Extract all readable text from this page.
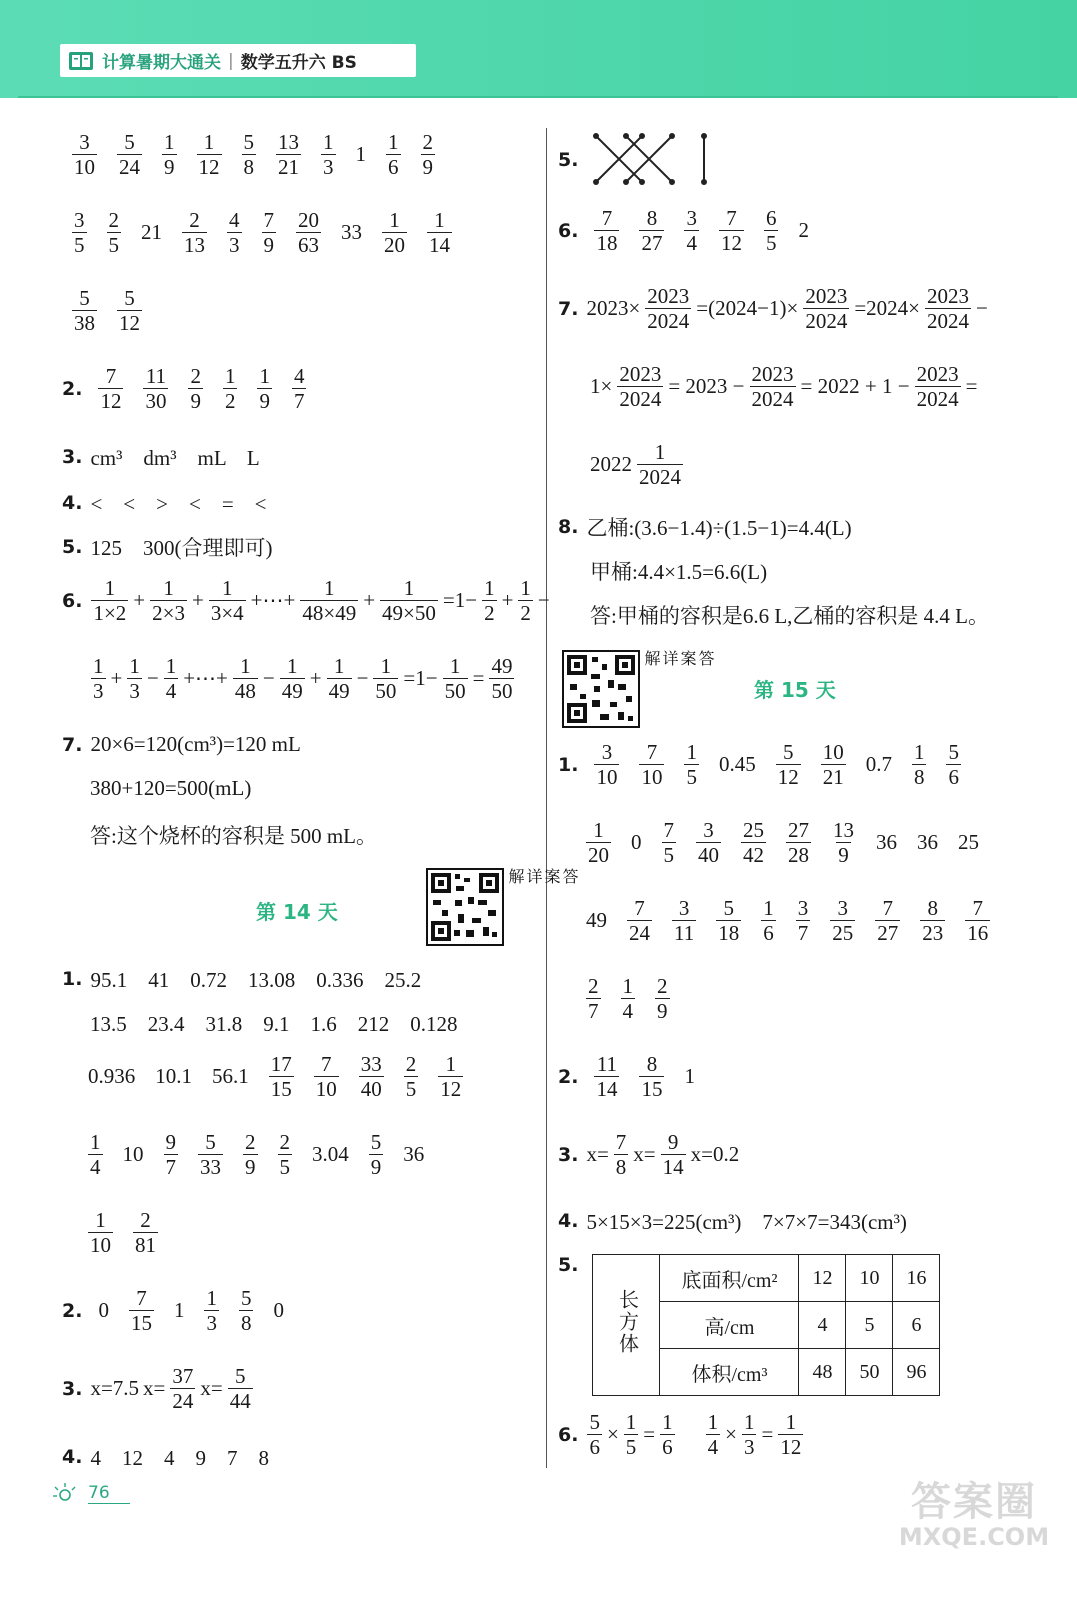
计算暑期大通关 | 数学五升六 BS
$\frac{3}{10} \frac{5}{24} \frac{1}{9} \frac{1}{12} \frac{5}{8} \frac{13}{21} \frac{1}{3} 1 \frac{1}{6} \frac{2}{9}$
$\frac{3}{5} \frac{2}{5} 21 \frac{2}{13} \frac{4}{3} \frac{7}{9} \frac{20}{63} 33 \frac{1}{20} \frac{1}{14}$
$\frac{5}{38} \frac{5}{12}$
2. $\frac{7}{12} \frac{11}{30} \frac{2}{9} \frac{1}{2} \frac{1}{9} \frac{4}{7}$
3. cm³　dm³　mL　L
4. <　<　>　<　=　<
5. 125　300(合理即可)
6. $\frac{1}{1\times 2} + \frac{1}{2\times 3} + \frac{1}{3\times 4}$ +⋯+ $\frac{1}{48\times 49} + \frac{1}{49\times 50} =1- \frac{1}{2} + \frac{1}{2}$ −
$\frac{1}{3} + \frac{1}{3} - \frac{1}{4}$ +⋯+ $\frac{1}{48} - \frac{1}{49} + \frac{1}{49} - \frac{1}{50} =1- \frac{1}{50} = \frac{49}{50}$
7. 20×6=120(cm³)=120 mL
380+120=500(mL)
答:这个烧杯的容积是 500 mL。
第 14 天
答案详解
1. 95.1　41　0.72　13.08　0.336　25.2
13.5　23.4　31.8　9.1　1.6　212　0.128
0.936 10.1 $56.1 \frac{17}{15} \frac{7}{10} \frac{33}{40} \frac{2}{5} \frac{1}{12}$
$\frac{1}{4} 10 \frac{9}{7} \frac{5}{33} \frac{2}{9} \frac{2}{5} 3.04 \frac{5}{9} 36$
$\frac{1}{10} \frac{2}{81}$
2. $0 \frac{7}{15} 1 \frac{1}{3} \frac{5}{8} 0$
3. x=7.5 $x= \frac{37}{24} x= \frac{5}{44}$
4. 4　12　4　9　7　8
5.
6. $\frac{7}{18} \frac{8}{27} \frac{3}{4} \frac{7}{12} \frac{6}{5} 2$
7. $2023\times \frac{2023}{2024} =(2024-1)\times \frac{2023}{2024} =2024\times \frac{2023}{2024}$ −
$1\times \frac{2023}{2024} = 2023 - \frac{2023}{2024} = 2022 + 1 - \frac{2023}{2024}$ =
$2022 \frac{1}{2024}$
8. 乙桶:(3.6−1.4)÷(1.5−1)=4.4(L)
甲桶:4.4×1.5=6.6(L)
答:甲桶的容积是6.6 L,乙桶的容积是 4.4 L。
答案详解
第 15 天
1. $\frac{3}{10} \frac{7}{10} \frac{1}{5} 0.45 \frac{5}{12} \frac{10}{21} 0.7 \frac{1}{8} \frac{5}{6}$
$\frac{1}{20} 0 \frac{7}{5} \frac{3}{40} \frac{25}{42} \frac{27}{28} \frac{13}{9} 36$ 36 25
$49 \frac{7}{24} \frac{3}{11} \frac{5}{18} \frac{1}{6} \frac{3}{7} \frac{3}{25} \frac{7}{27} \frac{8}{23} \frac{7}{16}$
$\frac{2}{7} \frac{1}{4} \frac{2}{9}$
2. $\frac{11}{14} \frac{8}{15} 1$
3. $x= \frac{7}{8} x= \frac{9}{14} x=0.2$
4. 5×15×3=225(cm³)　7×7×7=343(cm³)
5.
长方体	底面积/cm²	12	10	16
	高/cm	4	5	6
	体积/cm³	48	50	96
6. $\frac{5}{6} \times \frac{1}{5} = \frac{1}{6}$
　 $\frac{1}{4} \times \frac{1}{3} = \frac{1}{12}$
76	答案圈
MXQE.COM
